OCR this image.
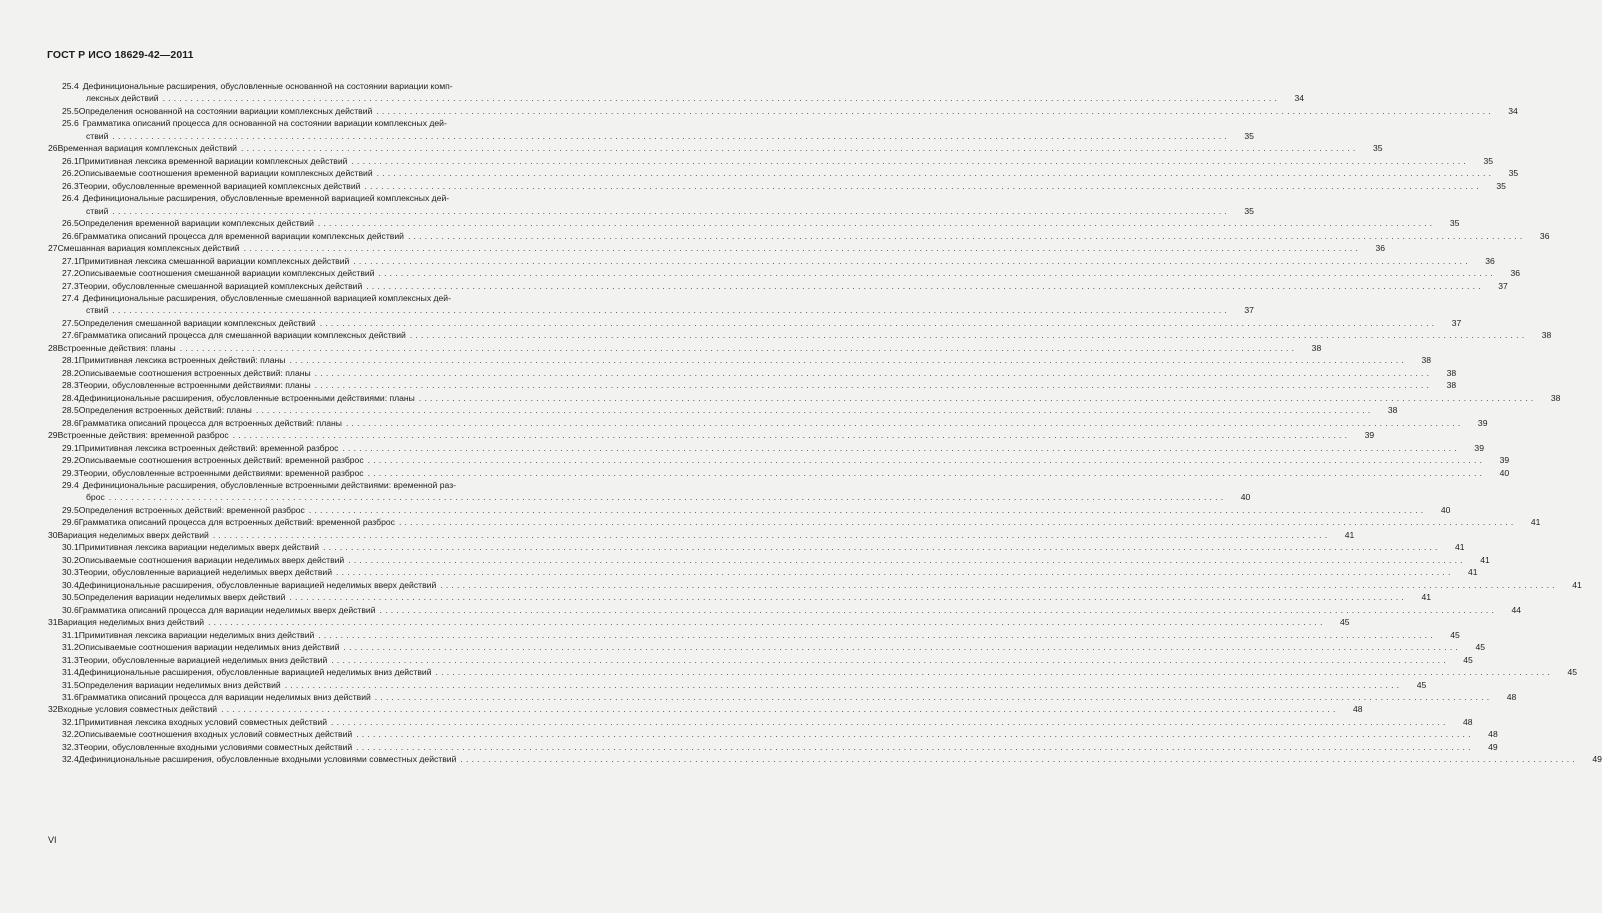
ГОСТ Р ИСО 18629-42—2011
25.4 Дефинициональные расширения, обусловленные основанной на состоянии вариации комп-
лексных действий ........................................................................................................................................................................................................	34
25.5 Определения основанной на состоянии вариации комплексных действий ........................................................................................................................................................................................................	34
25.6 Грамматика описаний процесса для основанной на состоянии вариации комплексных дей-
ствий ........................................................................................................................................................................................................	35
26 Временная вариация комплексных действий ........................................................................................................................................................................................................	35
26.1 Примитивная лексика временной вариации комплексных действий ........................................................................................................................................................................................................	35
26.2 Описываемые соотношения временной вариации комплексных действий ........................................................................................................................................................................................................	35
26.3 Теории, обусловленные временной вариацией комплексных действий ........................................................................................................................................................................................................	35
26.4 Дефинициональные расширения, обусловленные временной вариацией комплексных дей-
ствий ........................................................................................................................................................................................................	35
26.5 Определения временной вариации комплексных действий ........................................................................................................................................................................................................	35
26.6 Грамматика описаний процесса для временной вариации комплексных действий ........................................................................................................................................................................................................	36
27 Смешанная вариация комплексных действий ........................................................................................................................................................................................................	36
27.1 Примитивная лексика смешанной вариации комплексных действий ........................................................................................................................................................................................................	36
27.2 Описываемые соотношения смешанной вариации комплексных действий ........................................................................................................................................................................................................	36
27.3 Теории, обусловленные смешанной вариацией комплексных действий ........................................................................................................................................................................................................	37
27.4 Дефинициональные расширения, обусловленные смешанной вариацией комплексных дей-
ствий ........................................................................................................................................................................................................	37
27.5 Определения смешанной вариации комплексных действий ........................................................................................................................................................................................................	37
27.6 Грамматика описаний процесса для смешанной вариации комплексных действий ........................................................................................................................................................................................................	38
28 Встроенные действия: планы ........................................................................................................................................................................................................	38
28.1 Примитивная лексика встроенных действий: планы ........................................................................................................................................................................................................	38
28.2 Описываемые соотношения встроенных действий: планы ........................................................................................................................................................................................................	38
28.3 Теории, обусловленные встроенными действиями: планы ........................................................................................................................................................................................................	38
28.4 Дефинициональные расширения, обусловленные встроенными действиями: планы ........................................................................................................................................................................................................	38
28.5 Определения встроенных действий: планы ........................................................................................................................................................................................................	38
28.6 Грамматика описаний процесса для встроенных действий: планы ........................................................................................................................................................................................................	39
29 Встроенные действия: временной разброс ........................................................................................................................................................................................................	39
29.1 Примитивная лексика встроенных действий: временной разброс ........................................................................................................................................................................................................	39
29.2 Описываемые соотношения встроенных действий: временной разброс ........................................................................................................................................................................................................	39
29.3 Теории, обусловленные встроенными действиями: временной разброс ........................................................................................................................................................................................................	40
29.4 Дефинициональные расширения, обусловленные встроенными действиями: временной раз-
брос ........................................................................................................................................................................................................	40
29.5 Определения встроенных действий: временной разброс ........................................................................................................................................................................................................	40
29.6 Грамматика описаний процесса для встроенных действий: временной разброс ........................................................................................................................................................................................................	41
30 Вариация неделимых вверх действий ........................................................................................................................................................................................................	41
30.1 Примитивная лексика вариации неделимых вверх действий ........................................................................................................................................................................................................	41
30.2 Описываемые соотношения вариации неделимых вверх действий ........................................................................................................................................................................................................	41
30.3 Теории, обусловленные вариацией неделимых вверх действий ........................................................................................................................................................................................................	41
30.4 Дефинициональные расширения, обусловленные вариацией неделимых вверх действий ........................................................................................................................................................................................................	41
30.5 Определения вариации неделимых вверх действий ........................................................................................................................................................................................................	41
30.6 Грамматика описаний процесса для вариации неделимых вверх действий ........................................................................................................................................................................................................	44
31 Вариация неделимых вниз действий ........................................................................................................................................................................................................	45
31.1 Примитивная лексика вариации неделимых вниз действий ........................................................................................................................................................................................................	45
31.2 Описываемые соотношения вариации неделимых вниз действий ........................................................................................................................................................................................................	45
31.3 Теории, обусловленные вариацией неделимых вниз действий ........................................................................................................................................................................................................	45
31.4 Дефинициональные расширения, обусловленные вариацией неделимых вниз действий ........................................................................................................................................................................................................	45
31.5 Определения вариации неделимых вниз действий ........................................................................................................................................................................................................	45
31.6 Грамматика описаний процесса для вариации неделимых вниз действий ........................................................................................................................................................................................................	48
32 Входные условия совместных действий ........................................................................................................................................................................................................	48
32.1 Примитивная лексика входных условий совместных действий ........................................................................................................................................................................................................	48
32.2 Описываемые соотношения входных условий совместных действий ........................................................................................................................................................................................................	48
32.3 Теории, обусловленные входными условиями совместных действий ........................................................................................................................................................................................................	49
32.4 Дефинициональные расширения, обусловленные входными условиями совместных действий ........................................................................................................................................................................................................	49
VI
